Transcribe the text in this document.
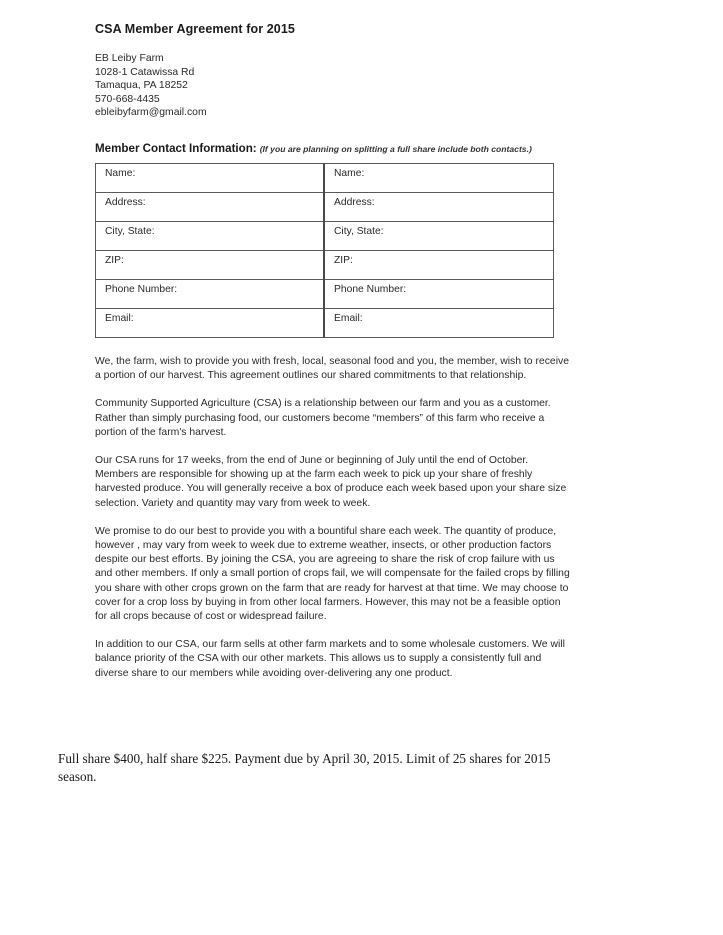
CSA Member Agreement for 2015
EB Leiby Farm
1028-1 Catawissa Rd
Tamaqua, PA 18252
570-668-4435
ebleibyfarm@gmail.com
Member Contact Information: (If you are planning on splitting a full share include both contacts.)
Name:	Name:
Address:	Address:
City, State:	City, State:
ZIP:	ZIP:
Phone Number:	Phone Number:
Email:	Email:

We, the farm, wish to provide you with fresh, local, seasonal food and you, the member, wish to receive a portion of our harvest. This agreement outlines our shared commitments to that relationship.

Community Supported Agriculture (CSA) is a relationship between our farm and you as a customer. Rather than simply purchasing food, our customers become “members” of this farm who receive a portion of the farm's harvest.

Our CSA runs for 17 weeks, from the end of June or beginning of July until the end of October. Members are responsible for showing up at the farm each week to pick up your share of freshly harvested produce. You will generally receive a box of produce each week based upon your share size selection. Variety and quantity may vary from week to week.

We promise to do our best to provide you with a bountiful share each week. The quantity of produce, however , may vary from week to week due to extreme weather, insects, or other production factors despite our best efforts. By joining the CSA, you are agreeing to share the risk of crop failure with us and other members. If only a small portion of crops fail, we will compensate for the failed crops by filling you share with other crops grown on the farm that are ready for harvest at that time. We may choose to cover for a crop loss by buying in from other local farmers. However, this may not be a feasible option for all crops because of cost or widespread failure.

In addition to our CSA, our farm sells at other farm markets and to some wholesale customers. We will balance priority of the CSA with our other markets. This allows us to supply a consistently full and diverse share to our members while avoiding over-delivering any one product.

Full share $400, half share $225. Payment due by April 30, 2015. Limit of 25 shares for 2015 season.
